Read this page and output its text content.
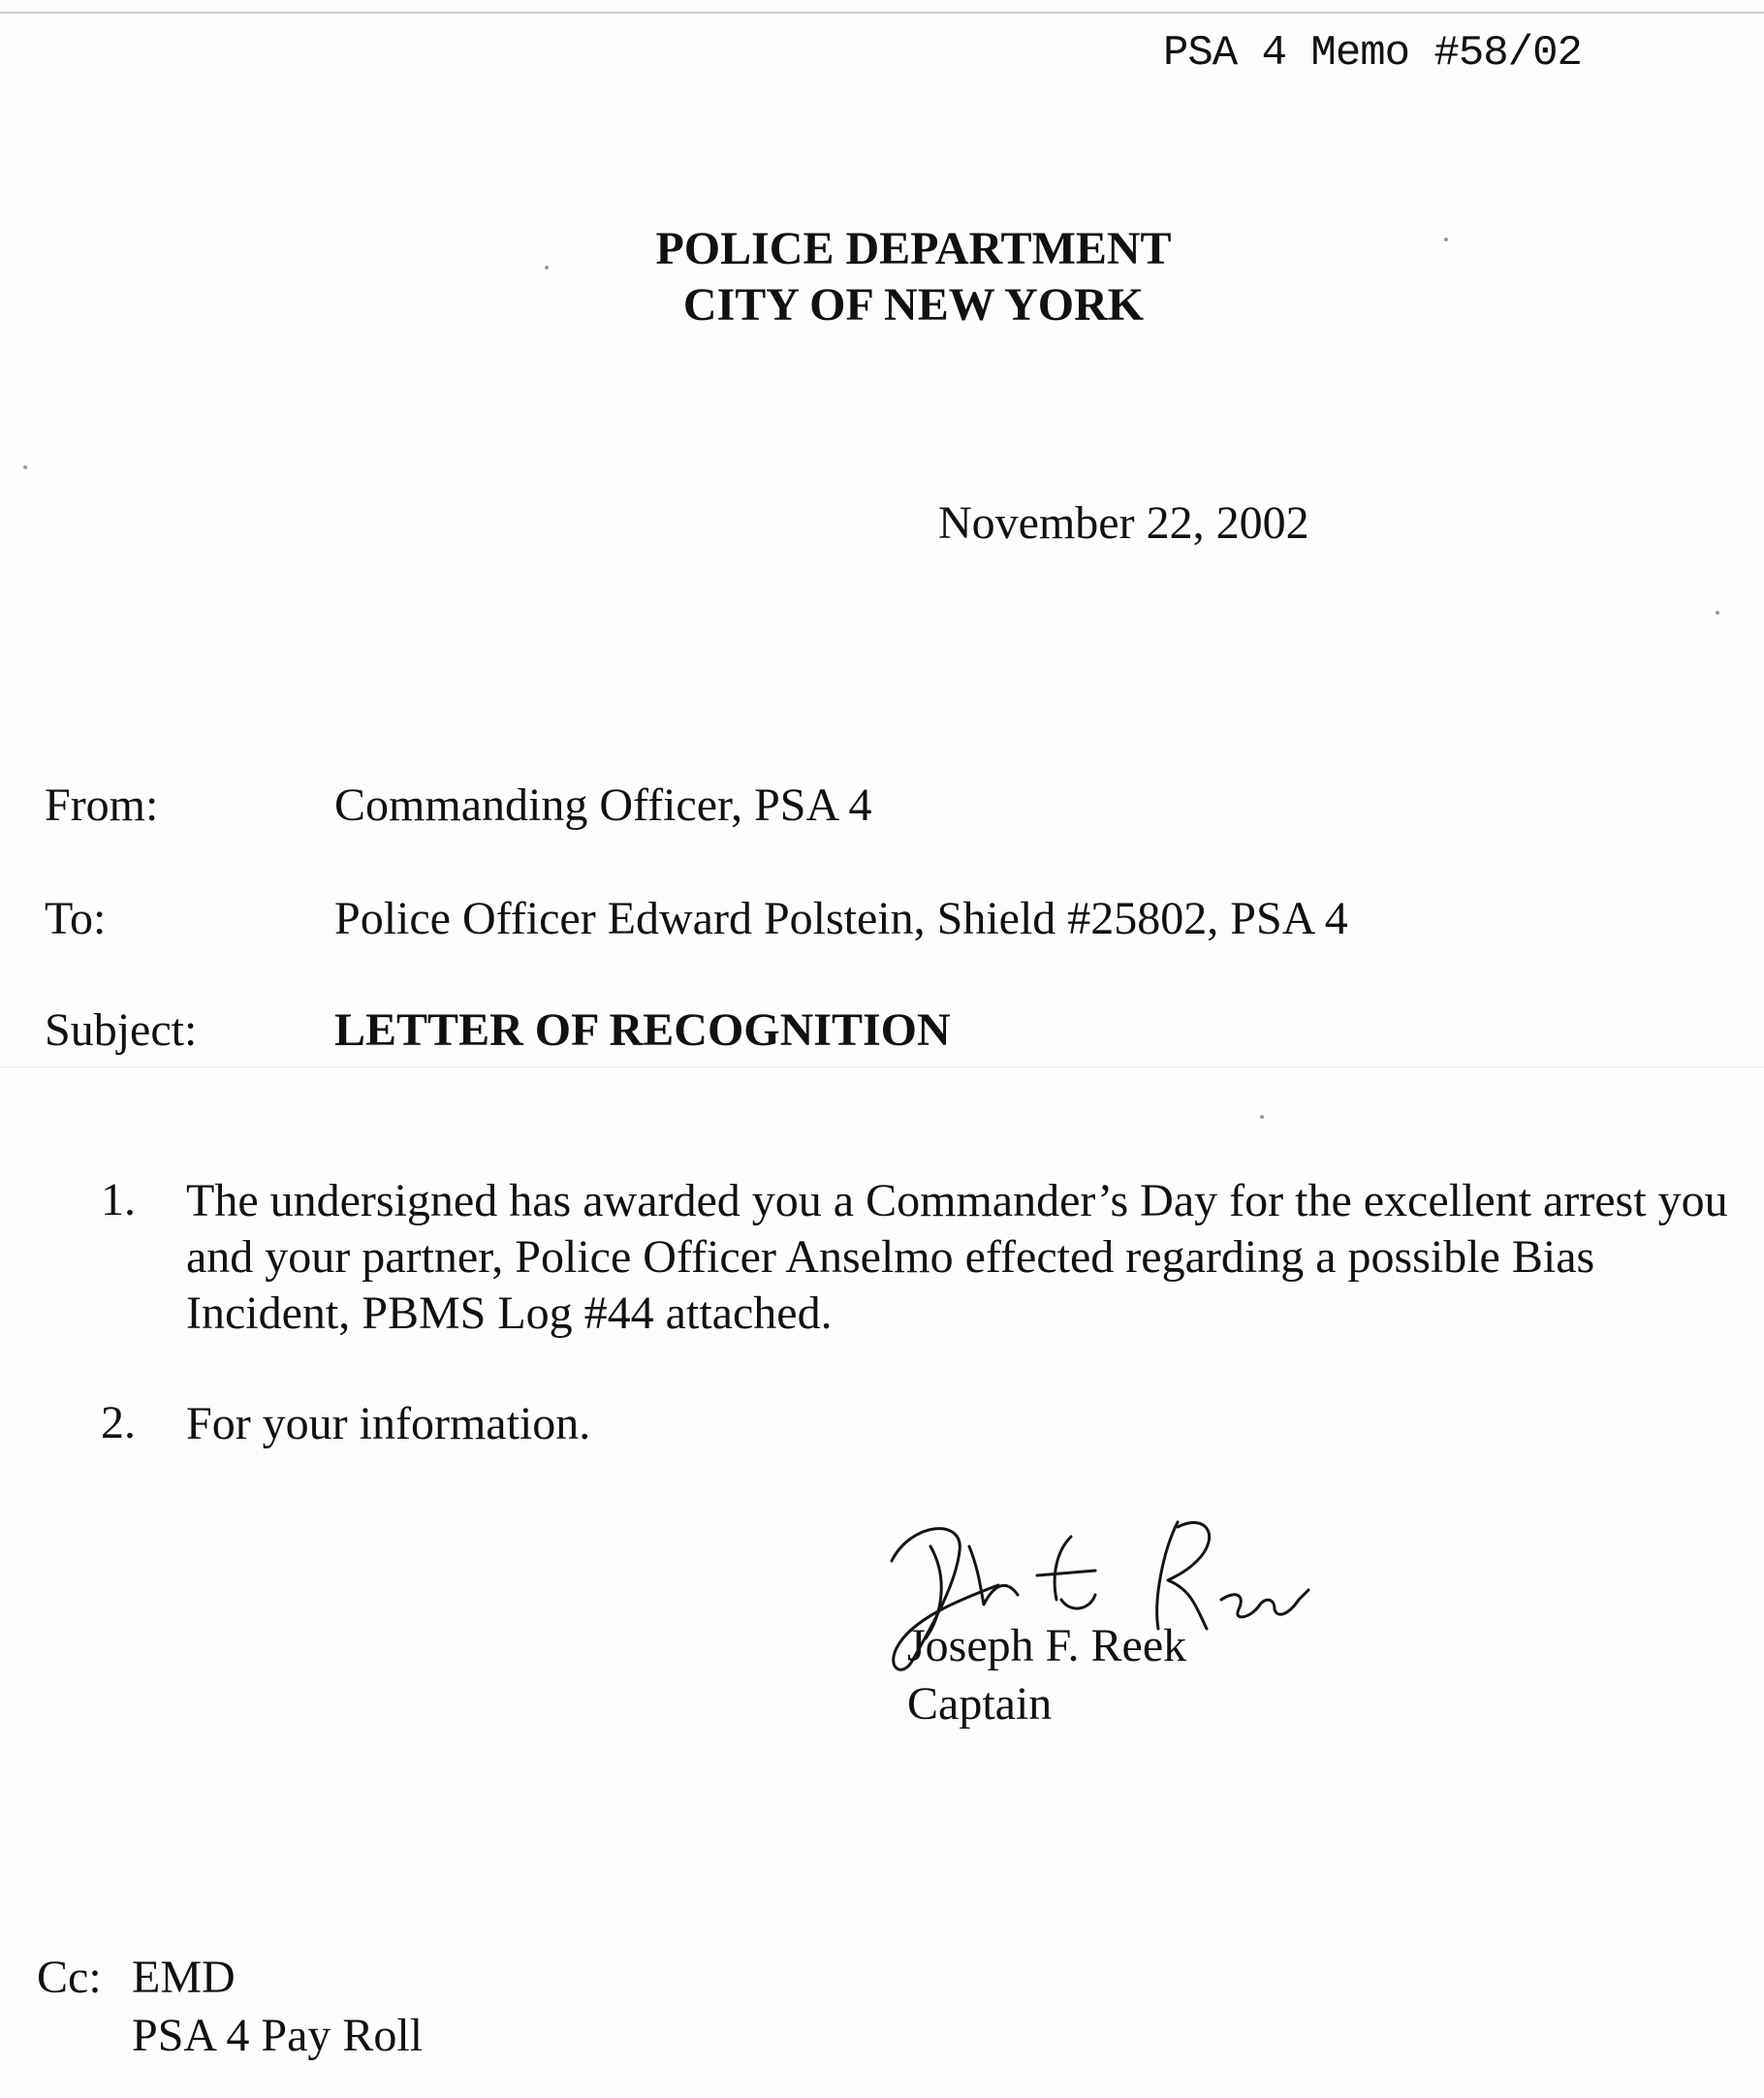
PSA 4 Memo #58/02
POLICE DEPARTMENT
CITY OF NEW YORK
November 22, 2002
From:	Commanding Officer, PSA 4
To:	Police Officer Edward Polstein, Shield #25802, PSA 4
Subject:	LETTER OF RECOGNITION
1. The undersigned has awarded you a Commander’s Day for the excellent arrest you and your partner, Police Officer Anselmo effected regarding a possible Bias Incident, PBMS Log #44 attached.
2. For your information.
Joseph F. Reek
Captain
Cc: EMD
PSA 4 Pay Roll
